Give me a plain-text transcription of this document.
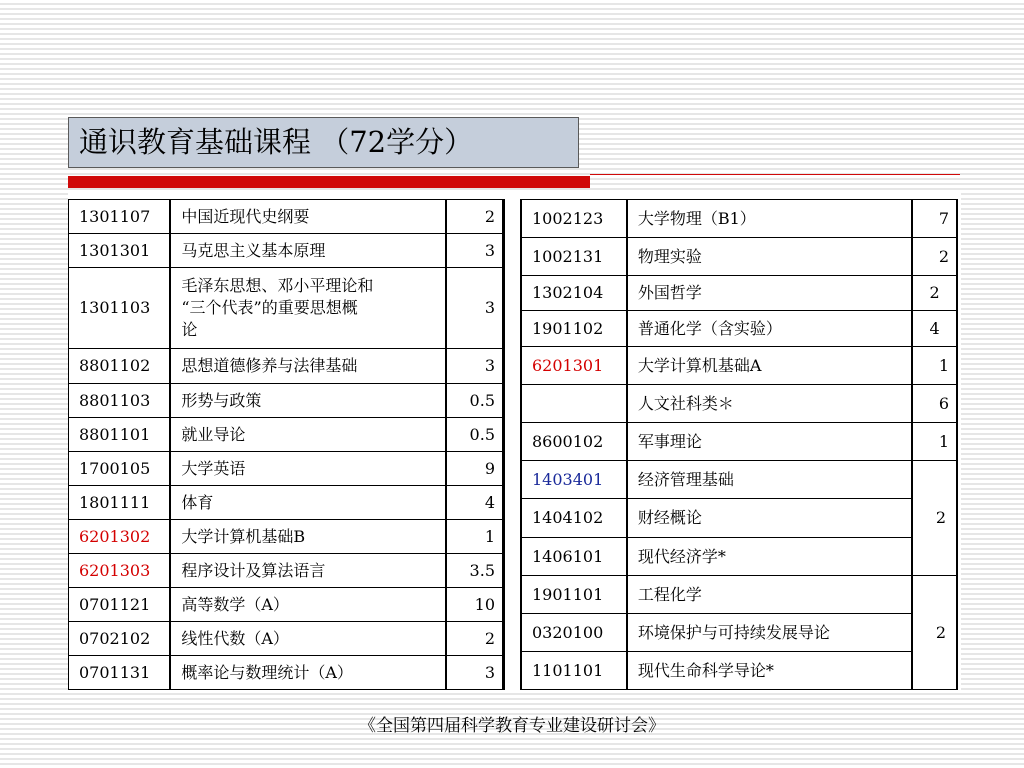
通识教育基础课程 （72学分）
1301107	中国近现代史纲要	2
1301301	马克思主义基本原理	3
1301103	毛泽东思想、邓小平理论和
“三个代表”的重要思想概
论	3
8801102	思想道德修养与法律基础	3
8801103	形势与政策	0.5
8801101	就业导论	0.5
1700105	大学英语	9
1801111	体育	4
6201302	大学计算机基础B	1
6201303	程序设计及算法语言	3.5
0701121	高等数学（A）	10
0702102	线性代数（A）	2
0701131	概率论与数理统计（A）	3
1002123	大学物理（B1）	7
1002131	物理实验	2
1302104	外国哲学	2
1901102	普通化学（含实验）	4
6201301	大学计算机基础A	1
	人文社科类＊	6
8600102	军事理论	1
1403401	经济管理基础	2
1404102	财经概论	
1406101	现代经济学*	
1901101	工程化学	2
0320100	环境保护与可持续发展导论	
1101101	现代生命科学导论*	
《全国第四届科学教育专业建设研讨会》
